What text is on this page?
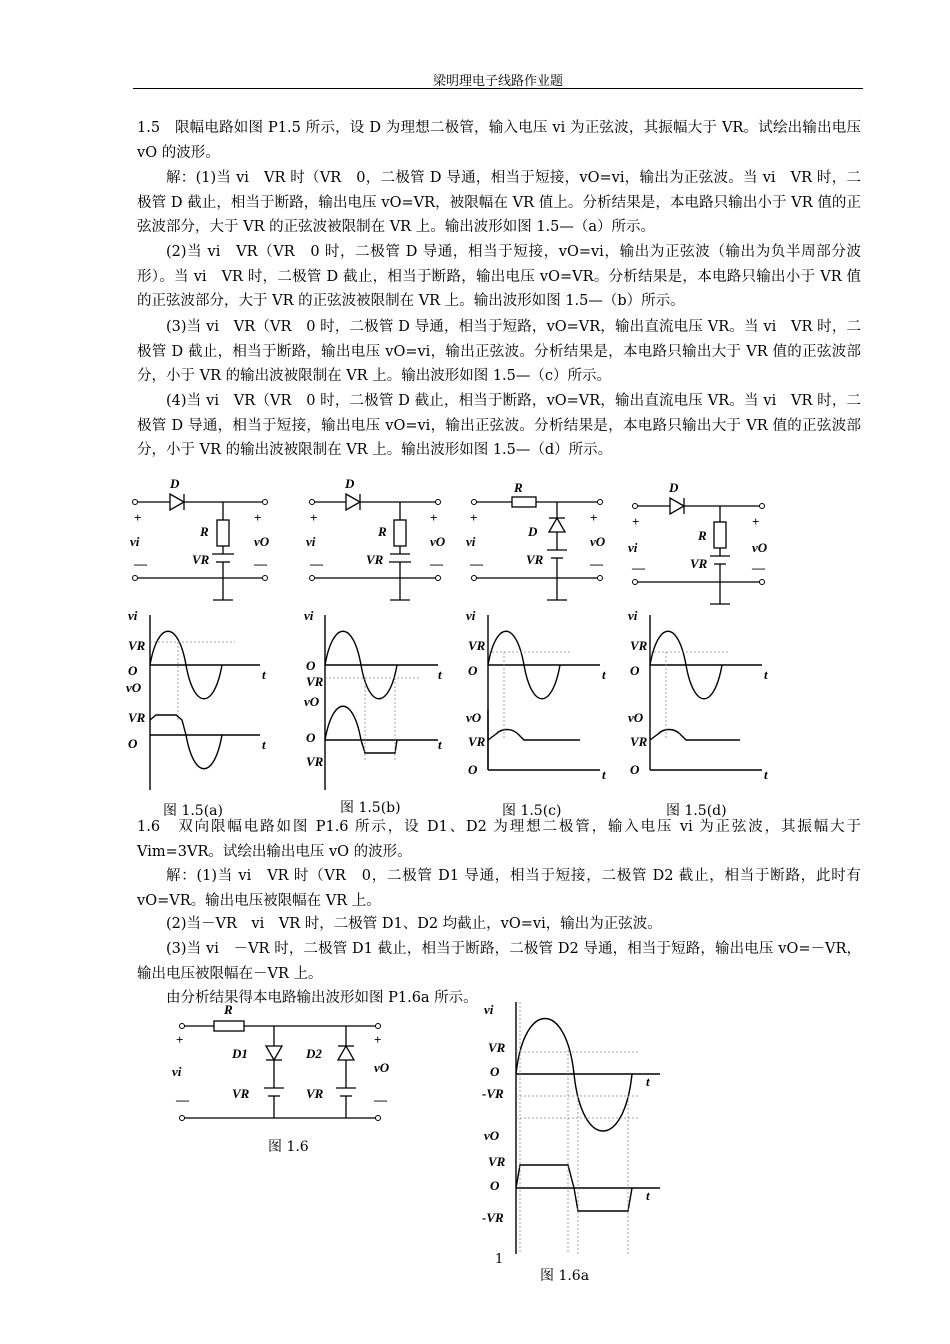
梁明理电子线路作业题
1.5　限幅电路如图 P1.5 所示，设 D 为理想二极管，输入电压 vi 为正弦波，其振幅大于 VR。试绘出输出电压 vO 的波形。
解：(1)当 vi　VR 时（VR　0，二极管 D 导通，相当于短接，vO=vi，输出为正弦波。当 vi　VR 时，二极管 D 截止，相当于断路，输出电压 vO=VR，被限幅在 VR 值上。分析结果是，本电路只输出小于 VR 值的正弦波部分，大于 VR 的正弦波被限制在 VR 上。输出波形如图 1.5—（a）所示。
(2)当 vi　VR（VR　0 时，二极管 D 导通，相当于短接，vO=vi，输出为正弦波（输出为负半周部分波形）。当 vi　VR 时，二极管 D 截止，相当于断路，输出电压 vO=VR。分析结果是，本电路只输出小于 VR 值的正弦波部分，大于 VR 的正弦波被限制在 VR 上。输出波形如图 1.5—（b）所示。
(3)当 vi　VR（VR　0 时，二极管 D 导通，相当于短路，vO=VR，输出直流电压 VR。当 vi　VR 时，二极管 D 截止，相当于断路，输出电压 vO=vi，输出正弦波。分析结果是，本电路只输出大于 VR 值的正弦波部分，小于 VR 的输出波被限制在 VR 上。输出波形如图 1.5—（c）所示。
(4)当 vi　VR（VR　0 时，二极管 D 截止，相当于断路，vO=VR，输出直流电压 VR。当 vi　VR 时，二极管 D 导通，相当于短接，输出电压 vO=vi，输出正弦波。分析结果是，本电路只输出大于 VR 值的正弦波部分，小于 VR 的输出波被限制在 VR 上。输出波形如图 1.5—（d）所示。
D
R
VR
vi	vO
D
R
VR
vi	vO
R
D
VR
vi	vO
D
R
VR
vi	vO
+	+
—	—
+	+
—	—
+	+
—	—
+	+
—	—
vi
VR
O	t
vO
VR
O	t
vi
O
VR	t
vO
O
VR
t
vi
VR
O	t
vO
VR
O	t
vi
VR
O	t
vO
VR
O	t
图 1.5(a)	图 1.5(b)	图 1.5(c)	图 1.5(d)
1.6　双向限幅电路如图 P1.6 所示，设 D1、D2 为理想二极管，输入电压 vi 为正弦波，其振幅大于 Vim=3VR。试绘出输出电压 vO 的波形。
解：(1)当 vi　VR 时（VR　0，二极管 D1 导通，相当于短接，二极管 D2 截止，相当于断路，此时有 vO=VR。输出电压被限幅在 VR 上。
(2)当－VR　vi　VR 时，二极管 D1、D2 均截止，vO=vi，输出为正弦波。
(3)当 vi　－VR 时，二极管 D1 截止，相当于断路，二极管 D2 导通，相当于短路，输出电压 vO=－VR，输出电压被限幅在－VR 上。
由分析结果得本电路输出波形如图 P1.6a 所示。
R
D1	D2
VR	VR
vi	vO
+	+
—	—
图 1.6
vi
VR
O
t
-VR
vO
VR
O
t
-VR
图 1.6a
1
